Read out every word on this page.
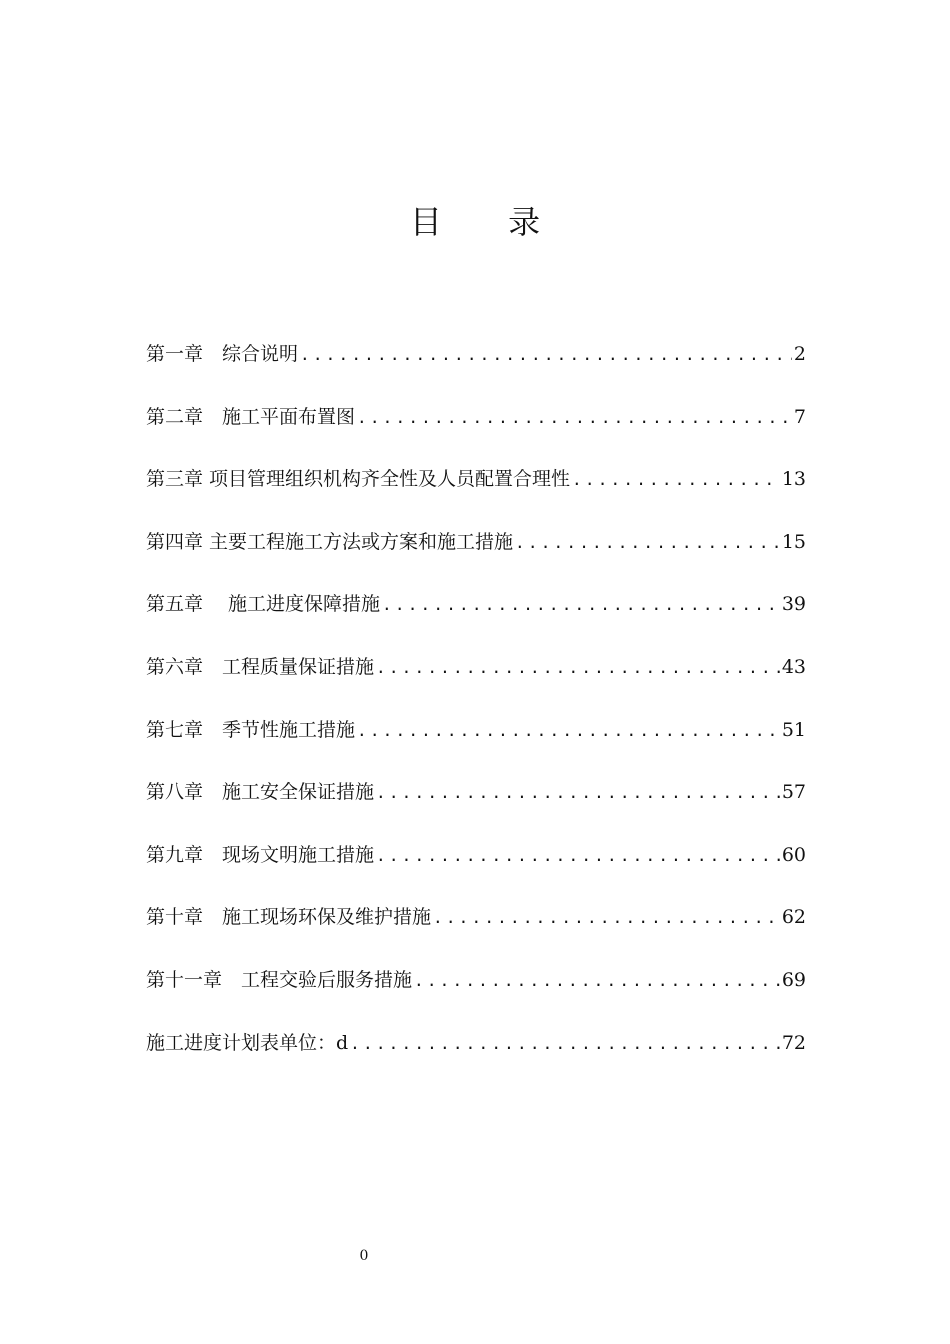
目 录
第一章　综合说明 .....	2
第二章　施工平面布置图 .....	7
第三章 项目管理组织机构齐全性及人员配置合理性 .....	13
第四章 主要工程施工方法或方案和施工措施 .....	15
第五章　 施工进度保障措施 .....	39
第六章　工程质量保证措施 .....	43
第七章　季节性施工措施 .....	51
第八章　施工安全保证措施 .....	57
第九章　现场文明施工措施 .....	60
第十章　施工现场环保及维护措施 .....	62
第十一章　工程交验后服务措施 .....	69
施工进度计划表单位：d .....	72
0
